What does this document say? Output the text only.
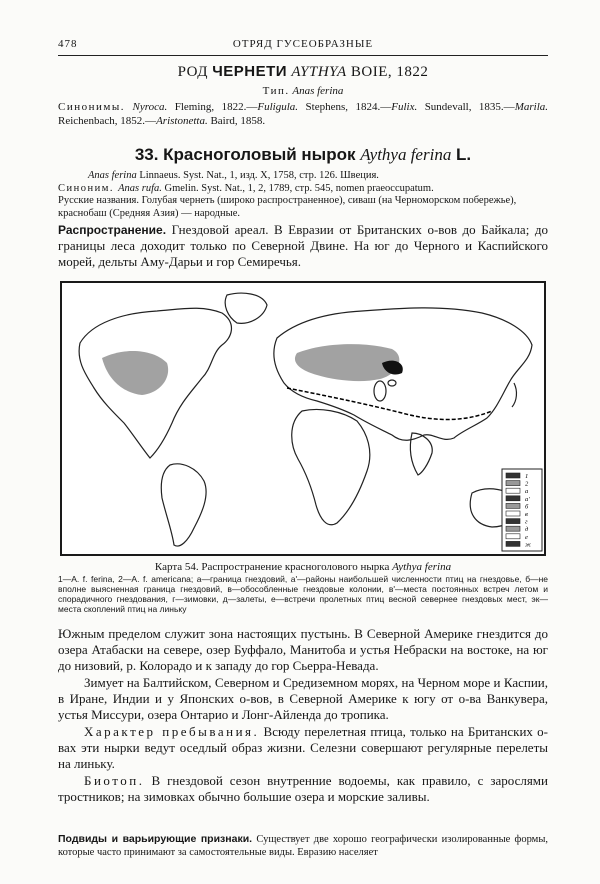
478	ОТРЯД ГУСЕОБРАЗНЫЕ
РОД ЧЕРНЕТИ AYTHYA BOIE, 1822
Тип. Anas ferina
Синонимы. Nyroca. Fleming, 1822.—Fuligula. Stephens, 1824.—Fulix. Sundevall, 1835.—Marila. Reichenbach, 1852.—Aristonetta. Baird, 1858.
33. Красноголовый нырок Aythya ferina L.

Anas ferina Linnaeus. Syst. Nat., 1, изд. X, 1758, стр. 126. Швеция.

Синоним. Anas rufa. Gmelin. Syst. Nat., 1, 2, 1789, стр. 545, nomen praeoccupatum.

Русские названия. Голубая чернеть (широко распространенное), сиваш (на Черноморском побережье), краснобаш (Средняя Азия) — народные.

Распространение. Гнездовой ареал. В Евразии от Британских о-вов до Байкала; до границы леса доходит только по Северной Двине. На юг до Черного и Каспийского морей, дельты Аму-Дарьи и гор Семиречья.
1
2
a
a'
б
в
г
д
е
ж
Карта 54. Распространение красноголового нырка Aythya ferina
1—A. f. ferina, 2—A. f. americana; а—граница гнездовий, а'—районы наибольшей численности птиц на гнездовье, б—не вполне выясненная граница гнездовий, в—обособленные гнездовые колонии, в'—места постоянных встреч летом и спорадичного гнездования, г—зимовки, д—залеты, е—встречи пролетных птиц весной севернее гнездовых мест, эк—места скоплений птиц на линьку

Южным пределом служит зона настоящих пустынь. В Северной Америке гнездится до озера Атабаски на севере, озер Буффало, Манитоба и устья Небраски на востоке, на юг до низовий, р. Колорадо и к западу до гор Сьерра-Невада.

Зимует на Балтийском, Северном и Средиземном морях, на Черном море и Каспии, в Иране, Индии и у Японских о-вов, в Северной Америке к югу от о-ва Ванкувера, устья Миссури, озера Онтарио и Лонг-Айленда до тропика.

Характер пребывания. Всюду перелетная птица, только на Британских о-вах эти нырки ведут оседлый образ жизни. Селезни совершают регулярные перелеты на линьку.

Биотоп. В гнездовой сезон внутренние водоемы, как правило, с зарослями тростников; на зимовках обычно большие озера и морские заливы.

Подвиды и варьирующие признаки. Существует две хорошо географически изолированные формы, которые часто принимают за самостоятельные виды. Евразию населяет
